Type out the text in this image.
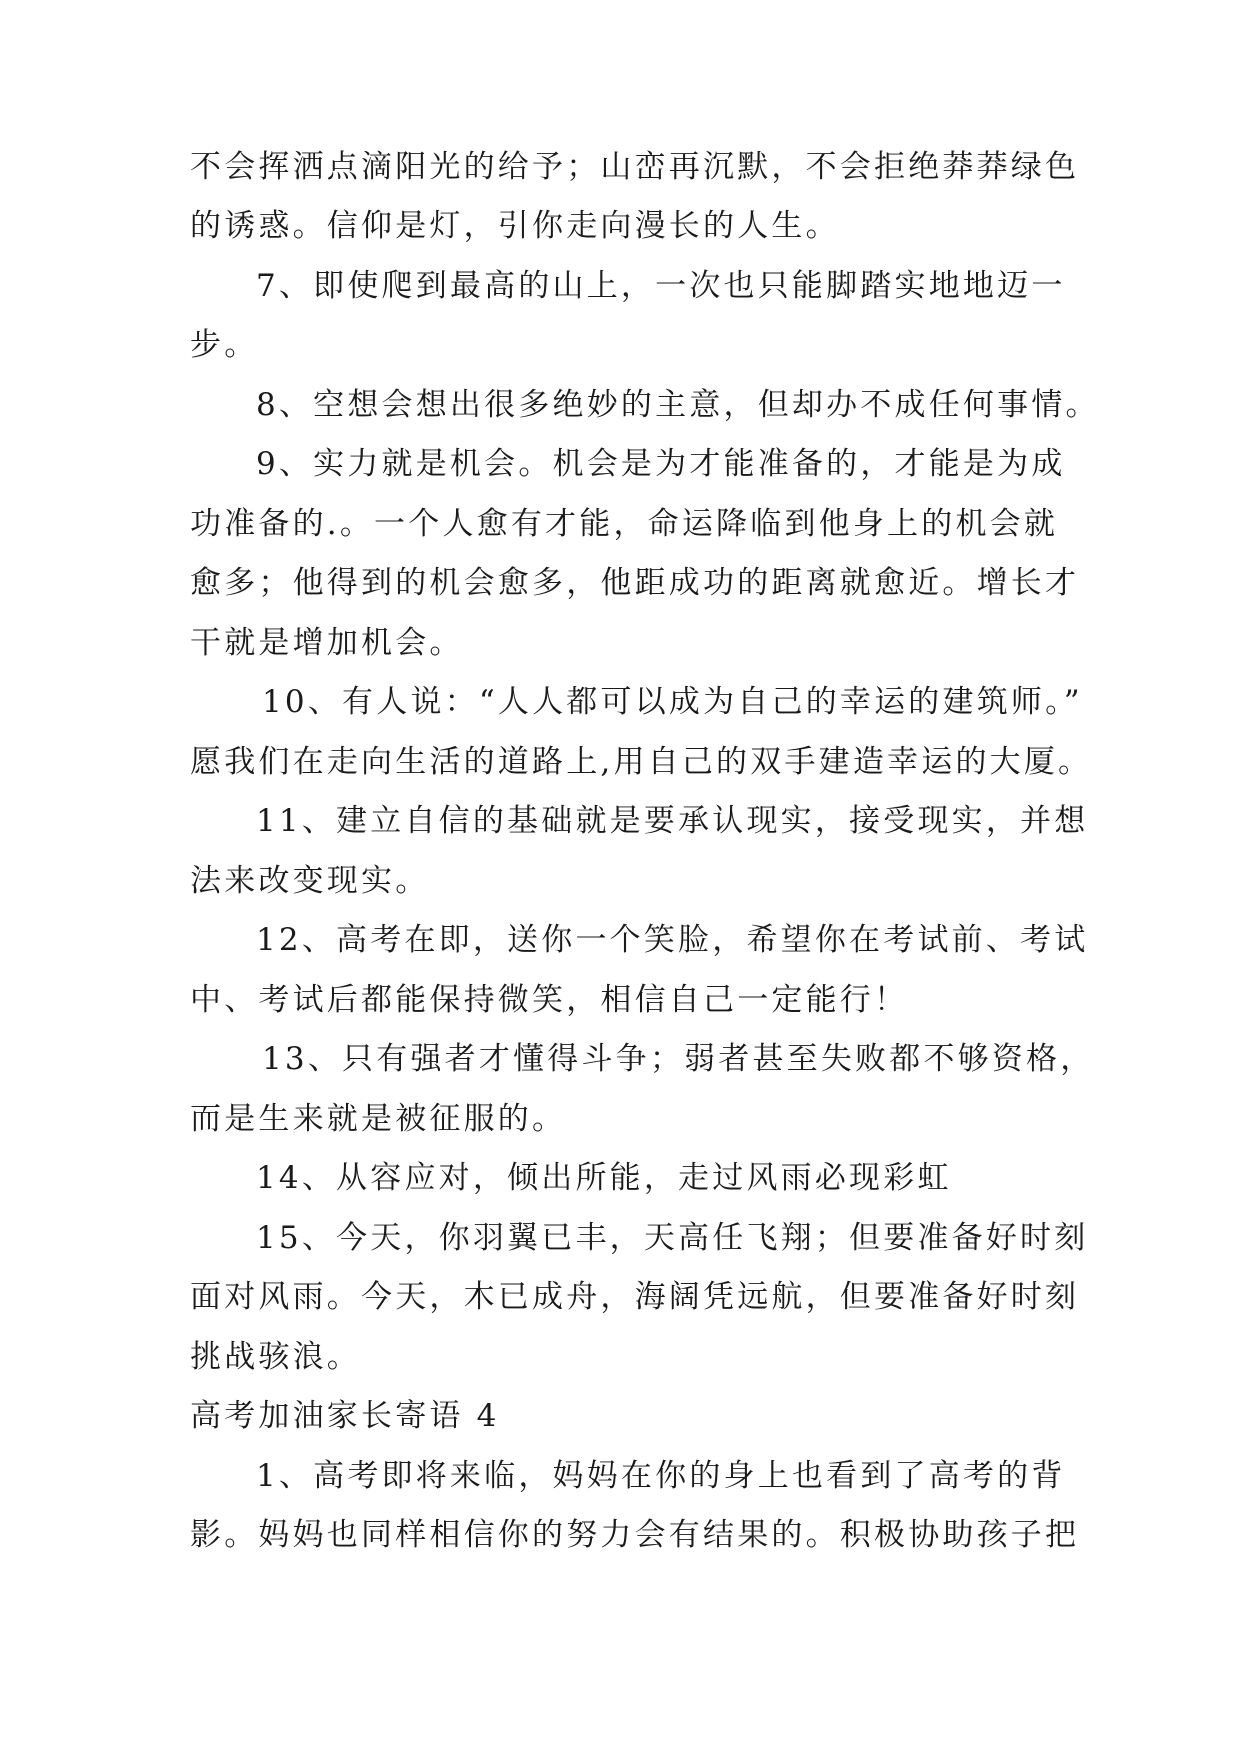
不会挥洒点滴阳光的给予；山峦再沉默，不会拒绝莽莽绿色
的诱惑。信仰是灯，引你走向漫长的人生。
7、即使爬到最高的山上，一次也只能脚踏实地地迈一
步。
8、空想会想出很多绝妙的主意，但却办不成任何事情。
9、实力就是机会。机会是为才能准备的，才能是为成
功准备的.。一个人愈有才能，命运降临到他身上的机会就
愈多；他得到的机会愈多，他距成功的距离就愈近。增长才
干就是增加机会。
10、有人说：“人人都可以成为自己的幸运的建筑师。”
愿我们在走向生活的道路上,用自己的双手建造幸运的大厦。
11、建立自信的基础就是要承认现实，接受现实，并想
法来改变现实。
12、高考在即，送你一个笑脸，希望你在考试前、考试
中、考试后都能保持微笑，相信自己一定能行！
13、只有强者才懂得斗争；弱者甚至失败都不够资格，
而是生来就是被征服的。
14、从容应对，倾出所能，走过风雨必现彩虹
15、今天，你羽翼已丰，天高任飞翔；但要准备好时刻
面对风雨。今天，木已成舟，海阔凭远航，但要准备好时刻
挑战骇浪。
高考加油家长寄语 4
1、高考即将来临，妈妈在你的身上也看到了高考的背
影。妈妈也同样相信你的努力会有结果的。积极协助孩子把
